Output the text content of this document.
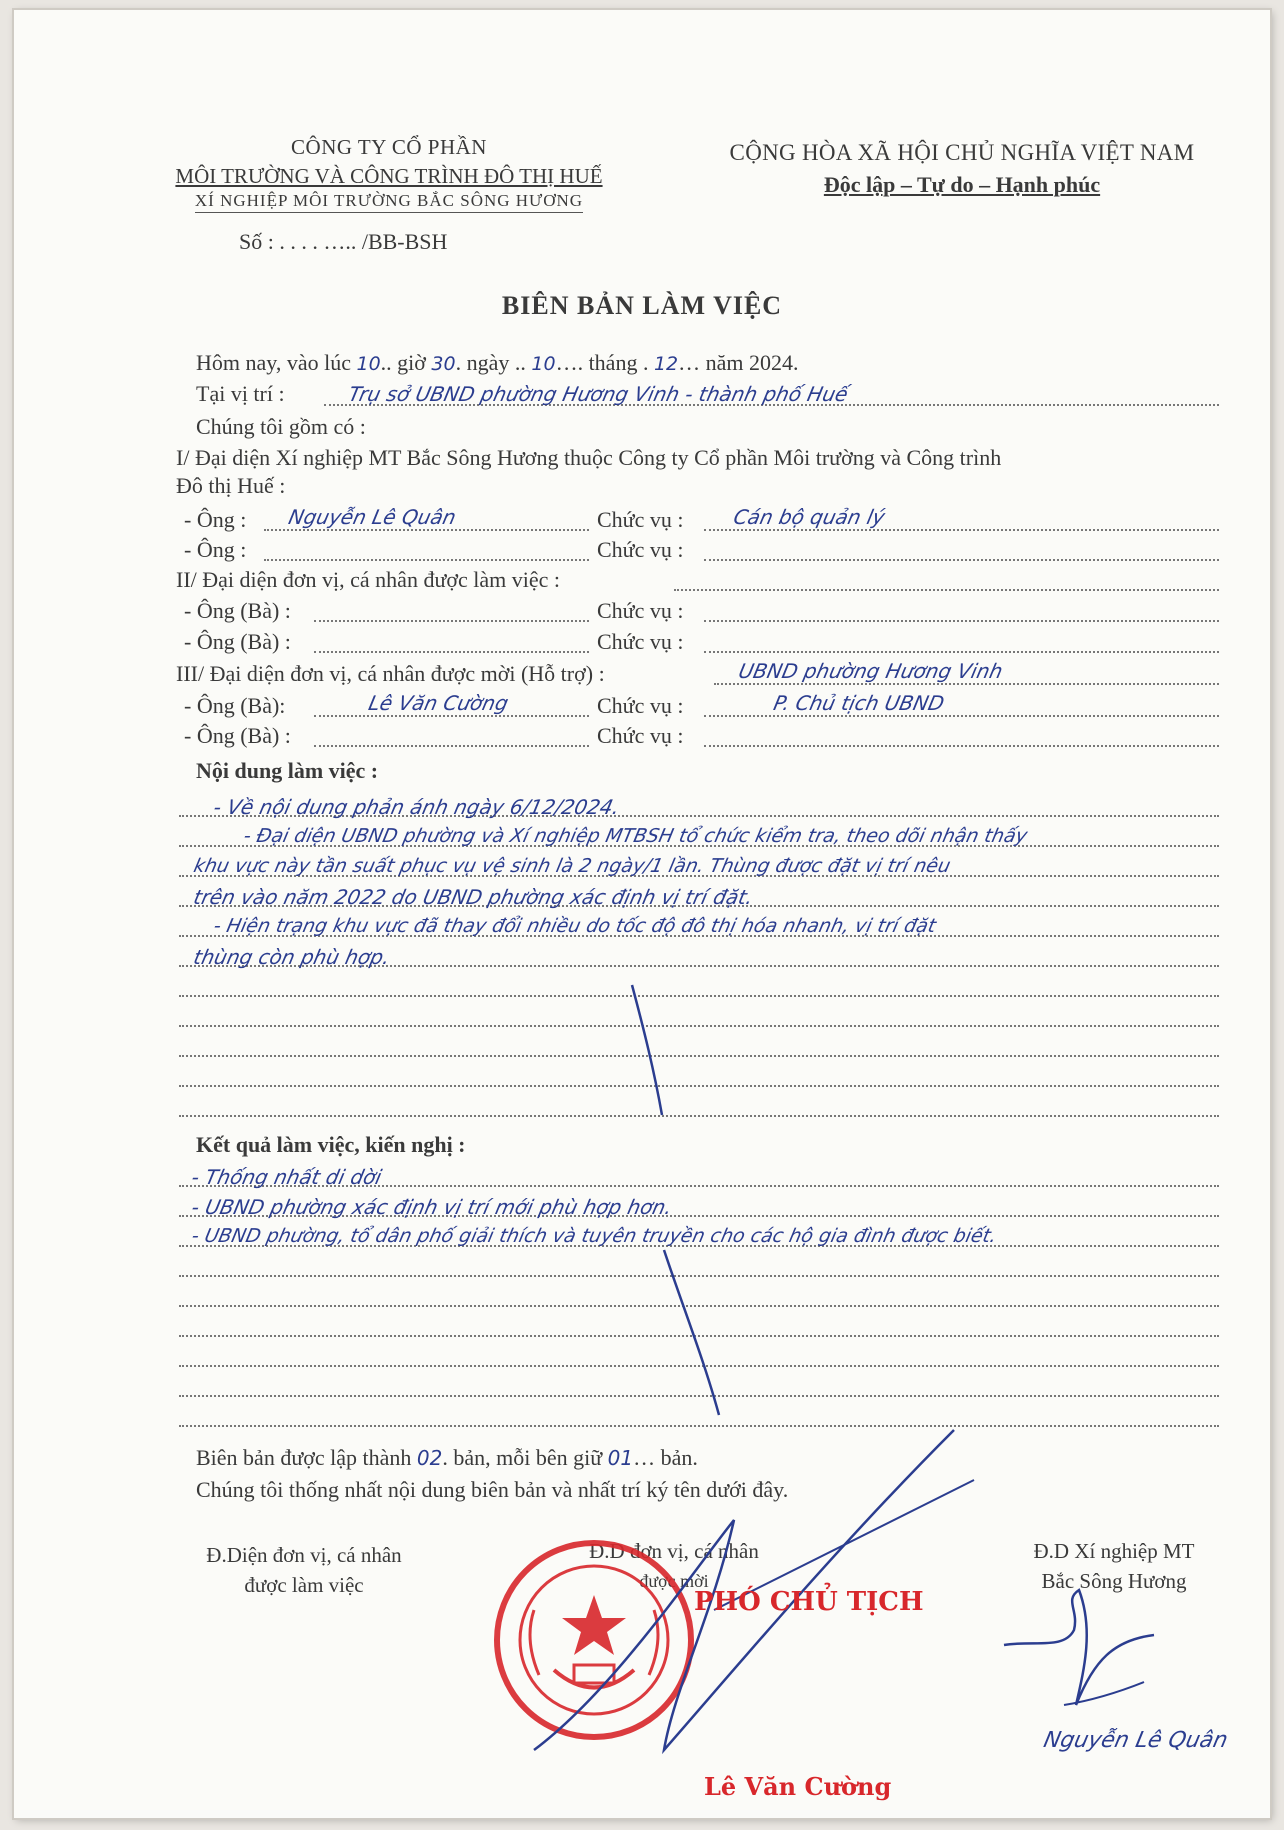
CÔNG TY CỔ PHẦN
MÔI TRƯỜNG VÀ CÔNG TRÌNH ĐÔ THỊ HUẾ
XÍ NGHIỆP MÔI TRƯỜNG BẮC SÔNG HƯƠNG
Số : . . . . ….. /BB-BSH
CỘNG HÒA XÃ HỘI CHỦ NGHĨA VIỆT NAM
Độc lập – Tự do – Hạnh phúc
BIÊN BẢN LÀM VIỆC
Hôm nay, vào lúc 10.. giờ 30. ngày .. 10…. tháng . 12… năm 2024.
Tại vị trí :	Trụ sở UBND phường Hương Vinh - thành phố Huế
Chúng tôi gồm có :
I/ Đại diện Xí nghiệp MT Bắc Sông Hương thuộc Công ty Cổ phần Môi trường và Công trình
Đô thị Huế :
- Ông : Nguyễn Lê Quân	Chức vụ : Cán bộ quản lý
- Ông :	Chức vụ :
II/ Đại diện đơn vị, cá nhân được làm việc :
- Ông (Bà) :	Chức vụ :
- Ông (Bà) :	Chức vụ :
III/ Đại diện đơn vị, cá nhân được mời (Hỗ trợ) :	UBND phường Hương Vinh
- Ông (Bà):	Lê Văn Cường	Chức vụ :	P. Chủ tịch UBND
- Ông (Bà) :	Chức vụ :
Nội dung làm việc :
- Về nội dung phản ánh ngày 6/12/2024.
- Đại diện UBND phường và Xí nghiệp MTBSH tổ chức kiểm tra, theo dõi nhận thấy
khu vực này tần suất phục vụ vệ sinh là 2 ngày/1 lần. Thùng được đặt vị trí nêu
trên vào năm 2022 do UBND phường xác định vị trí đặt.
- Hiện trạng khu vực đã thay đổi nhiều do tốc độ đô thị hóa nhanh, vị trí đặt
thùng còn phù hợp.
Kết quả làm việc, kiến nghị :
- Thống nhất di dời
- UBND phường xác định vị trí mới phù hợp hơn.
- UBND phường, tổ dân phố giải thích và tuyên truyền cho các hộ gia đình được biết.
Biên bản được lập thành 02. bản, mỗi bên giữ 01… bản.
Chúng tôi thống nhất nội dung biên bản và nhất trí ký tên dưới đây.
Đ.Diện đơn vị, cá nhân
được làm việc
Đ.D đơn vị, cá nhân
được mời
Đ.D Xí nghiệp MT
Bắc Sông Hương
PHÓ CHỦ TỊCH
Lê Văn Cường
Nguyễn Lê Quân
